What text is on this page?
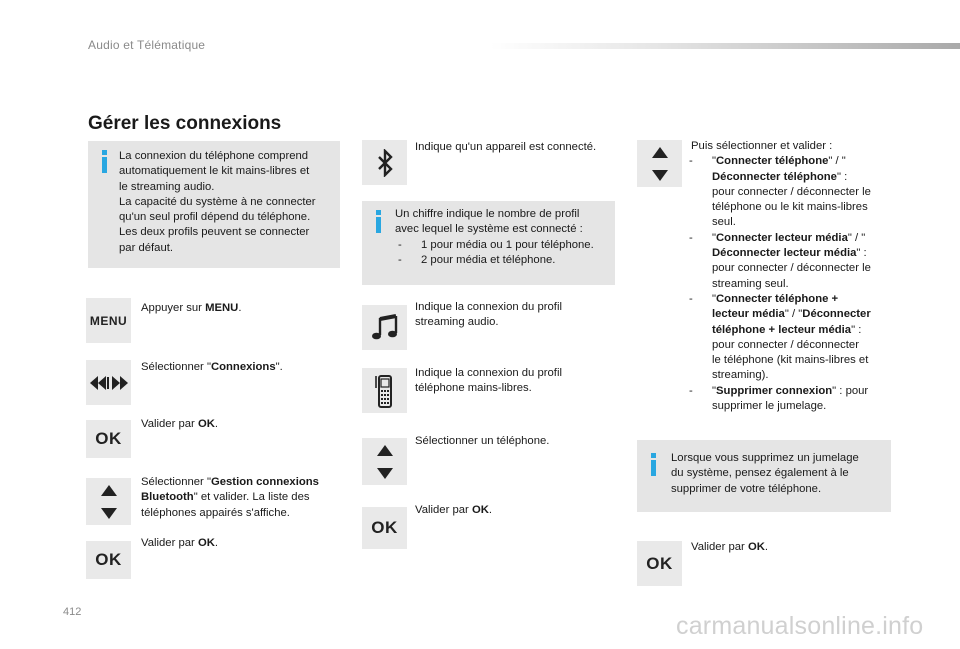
Audio et Télématique
Gérer les connexions
La connexion du téléphone comprend
automatiquement le kit mains-libres et
le streaming audio.
La capacité du système à ne connecter
qu'un seul profil dépend du téléphone.
Les deux profils peuvent se connecter
par défaut.
MENU
Appuyer sur MENU.
Sélectionner "Connexions".
OK
Valider par OK.
Sélectionner "Gestion connexions
Bluetooth" et valider. La liste des
téléphones appairés s'affiche.
OK
Valider par OK.
Indique qu'un appareil est connecté.
Un chiffre indique le nombre de profil
avec lequel le système est connecté :
- 1 pour média ou 1 pour téléphone.
- 2 pour média et téléphone.
Indique la connexion du profil
streaming audio.
Indique la connexion du profil
téléphone mains-libres.
Sélectionner un téléphone.
OK
Valider par OK.
Puis sélectionner et valider :
- "Connecter téléphone" / "
Déconnecter téléphone" :
pour connecter / déconnecter le
téléphone ou le kit mains-libres
seul.
- "Connecter lecteur média" / "
Déconnecter lecteur média" :
pour connecter / déconnecter le
streaming seul.
- "Connecter téléphone +
lecteur média" / "Déconnecter
téléphone + lecteur média" :
pour connecter / déconnecter
le téléphone (kit mains-libres et
streaming).
- "Supprimer connexion" : pour
supprimer le jumelage.
Lorsque vous supprimez un jumelage
du système, pensez également à le
supprimer de votre téléphone.
OK
Valider par OK.
412	carmanualsonline.info
